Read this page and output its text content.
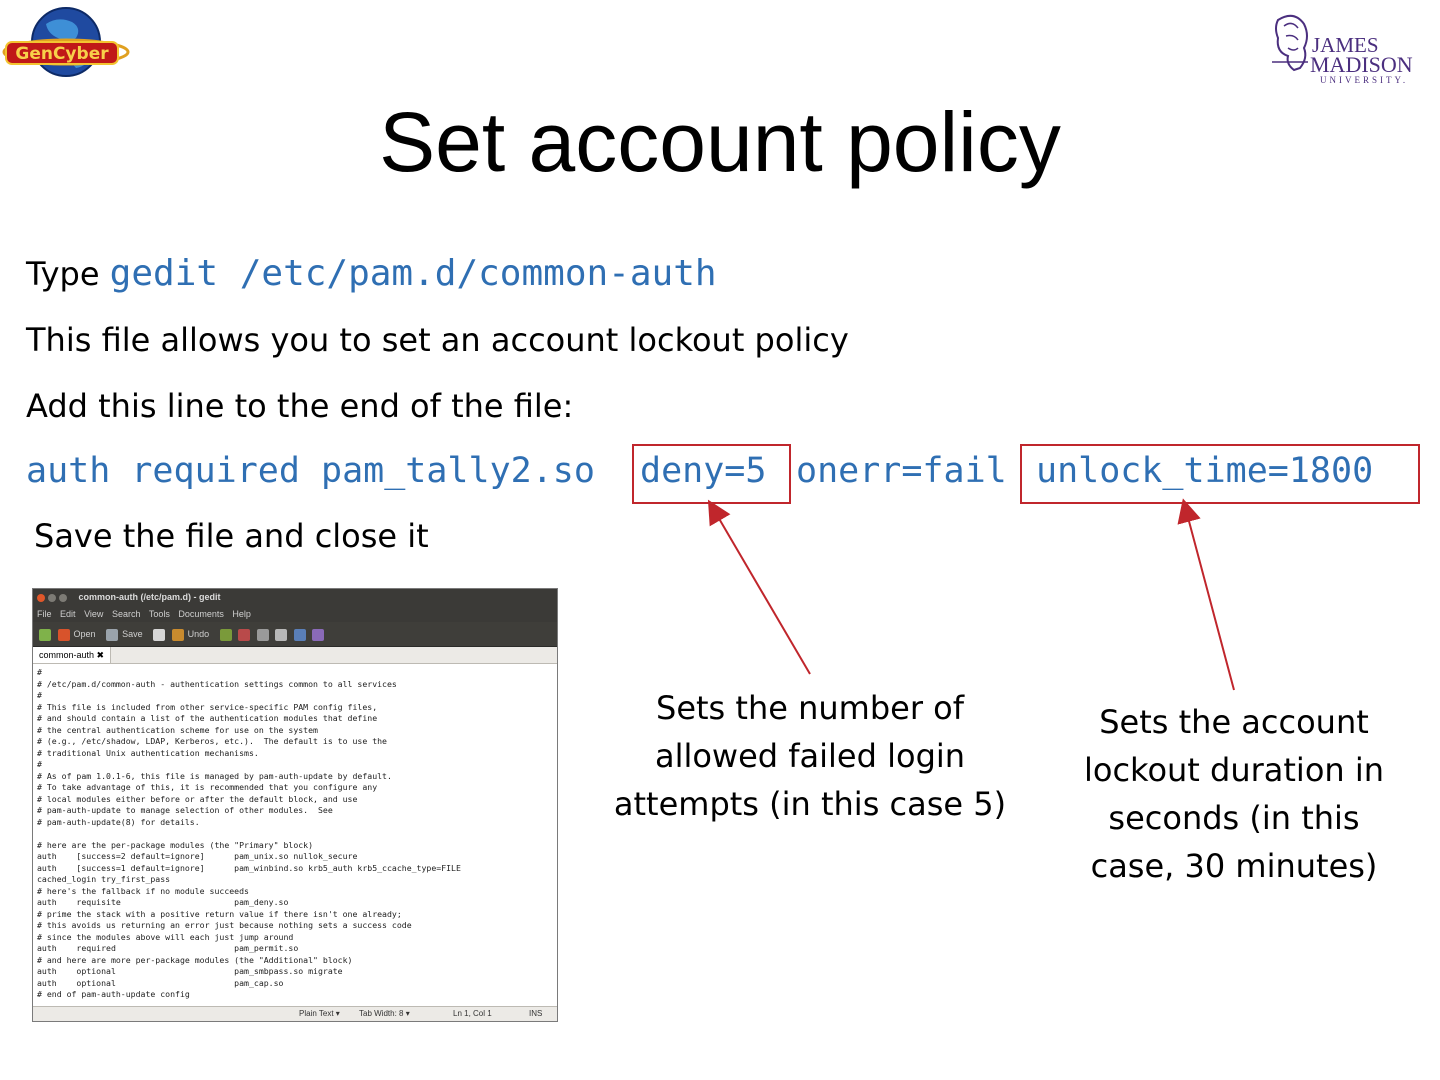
GenCyber	JAMES
MADISON
UNIVERSITY.
Set account policy
Type gedit /etc/pam.d/common-auth
This file allows you to set an account lockout policy
Add this line to the end of the file:
auth required pam_tally2.so deny=5 onerr=fail unlock_time=1800
Save the file and close it
Sets the number of
allowed failed login
attempts (in this case 5)
Sets the account
lockout duration in
seconds (in this
case, 30 minutes)
common-auth (/etc/pam.d) - gedit
File Edit View Search Tools Documents Help
Open	Save	Undo
common-auth ✖
#
# /etc/pam.d/common-auth - authentication settings common to all services
#
# This file is included from other service-specific PAM config files,
# and should contain a list of the authentication modules that define
# the central authentication scheme for use on the system
# (e.g., /etc/shadow, LDAP, Kerberos, etc.).  The default is to use the
# traditional Unix authentication mechanisms.
#
# As of pam 1.0.1-6, this file is managed by pam-auth-update by default.
# To take advantage of this, it is recommended that you configure any
# local modules either before or after the default block, and use
# pam-auth-update to manage selection of other modules.  See
# pam-auth-update(8) for details.

# here are the per-package modules (the "Primary" block)
auth    [success=2 default=ignore]      pam_unix.so nullok_secure
auth    [success=1 default=ignore]      pam_winbind.so krb5_auth krb5_ccache_type=FILE
cached_login try_first_pass
# here's the fallback if no module succeeds
auth    requisite                       pam_deny.so
# prime the stack with a positive return value if there isn't one already;
# this avoids us returning an error just because nothing sets a success code
# since the modules above will each just jump around
auth    required                        pam_permit.so
# and here are more per-package modules (the "Additional" block)
auth    optional                        pam_smbpass.so migrate
auth    optional                        pam_cap.so
# end of pam-auth-update config
Plain Text ▾ Tab Width: 8 ▾	Ln 1, Col 1	INS
